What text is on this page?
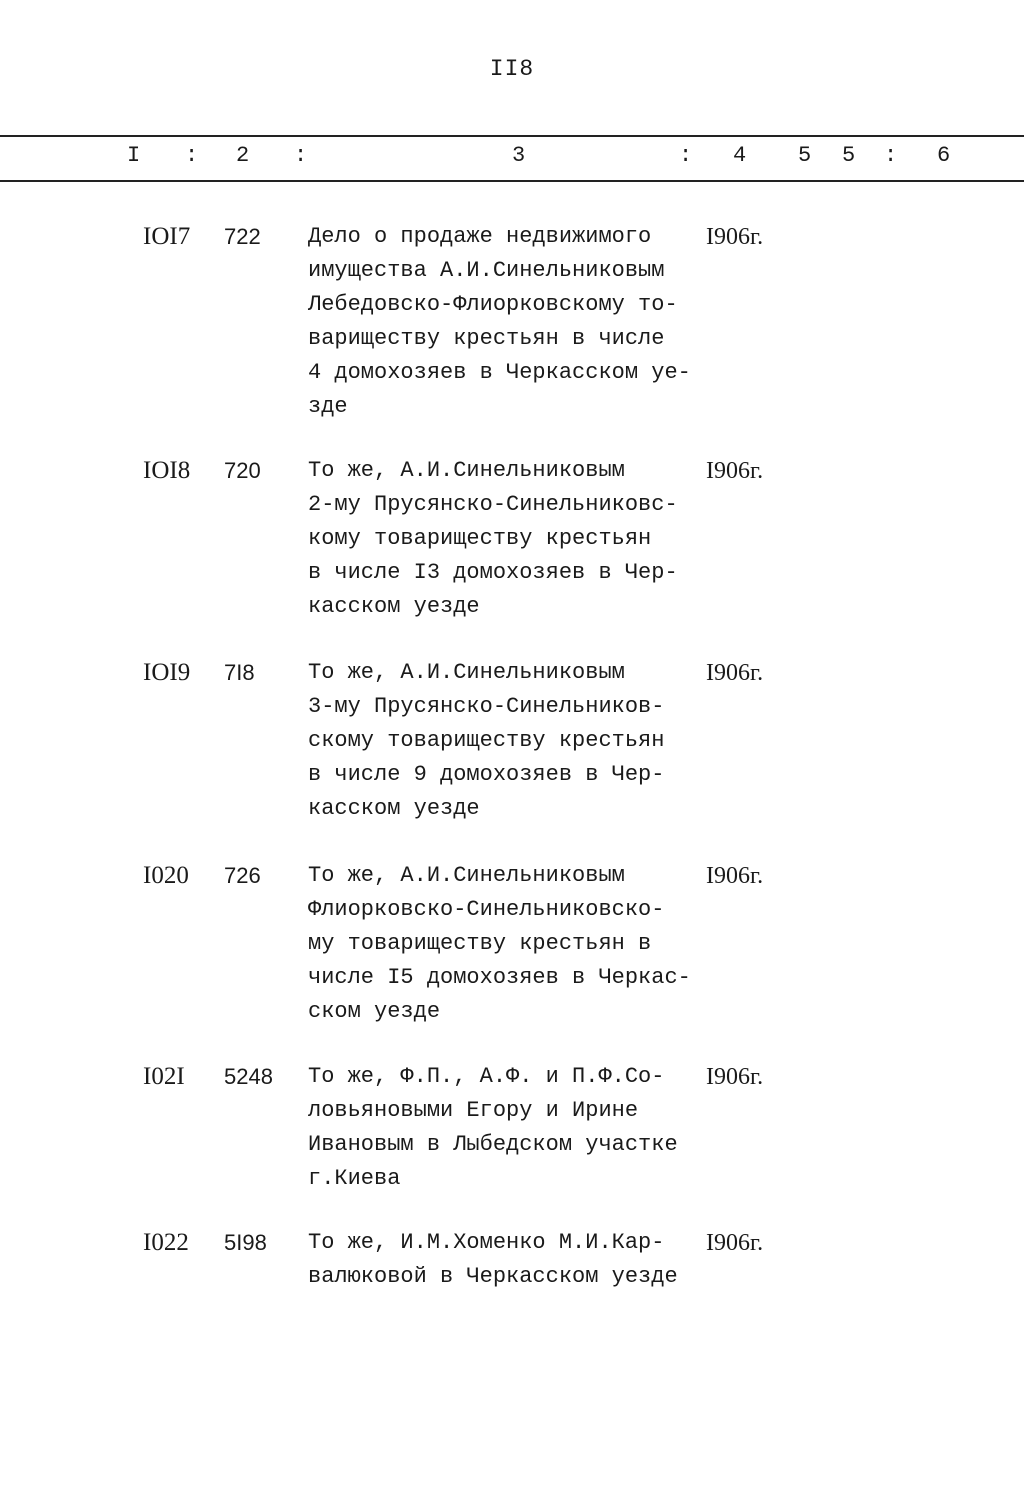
II8
I : 2 :	3	: 4 5 5 : 6
IOI7 722 Дело о продаже недвижимого
имущества А.И.Синельниковым
Лебедовско-Флиорковскому то-
вариществу крестьян в числе
4 домохозяев в Черкасском уе-
зде
I906г.
IOI8 720 То же, А.И.Синельниковым
2-му Прусянско-Синельниковс-
кому товариществу крестьян
в числе I3 домохозяев в Чер-
касском уезде
I906г.
IOI9 7I8 То же, А.И.Синельниковым
3-му Прусянско-Синельников-
скому товариществу крестьян
в числе 9 домохозяев в Чер-
касском уезде
I906г.
I020 726 То же, А.И.Синельниковым
Флиорковско-Синельниковско-
му товариществу крестьян в
числе I5 домохозяев в Черкас-
ском уезде
I906г.
I02I 5248 То же, Ф.П., А.Ф. и П.Ф.Со-
ловьяновыми Егору и Ирине
Ивановым в Лыбедском участке
г.Киева
I906г.
I022 5I98 То же, И.М.Хоменко М.И.Кар-
валюковой в Черкасском уезде
I906г.
